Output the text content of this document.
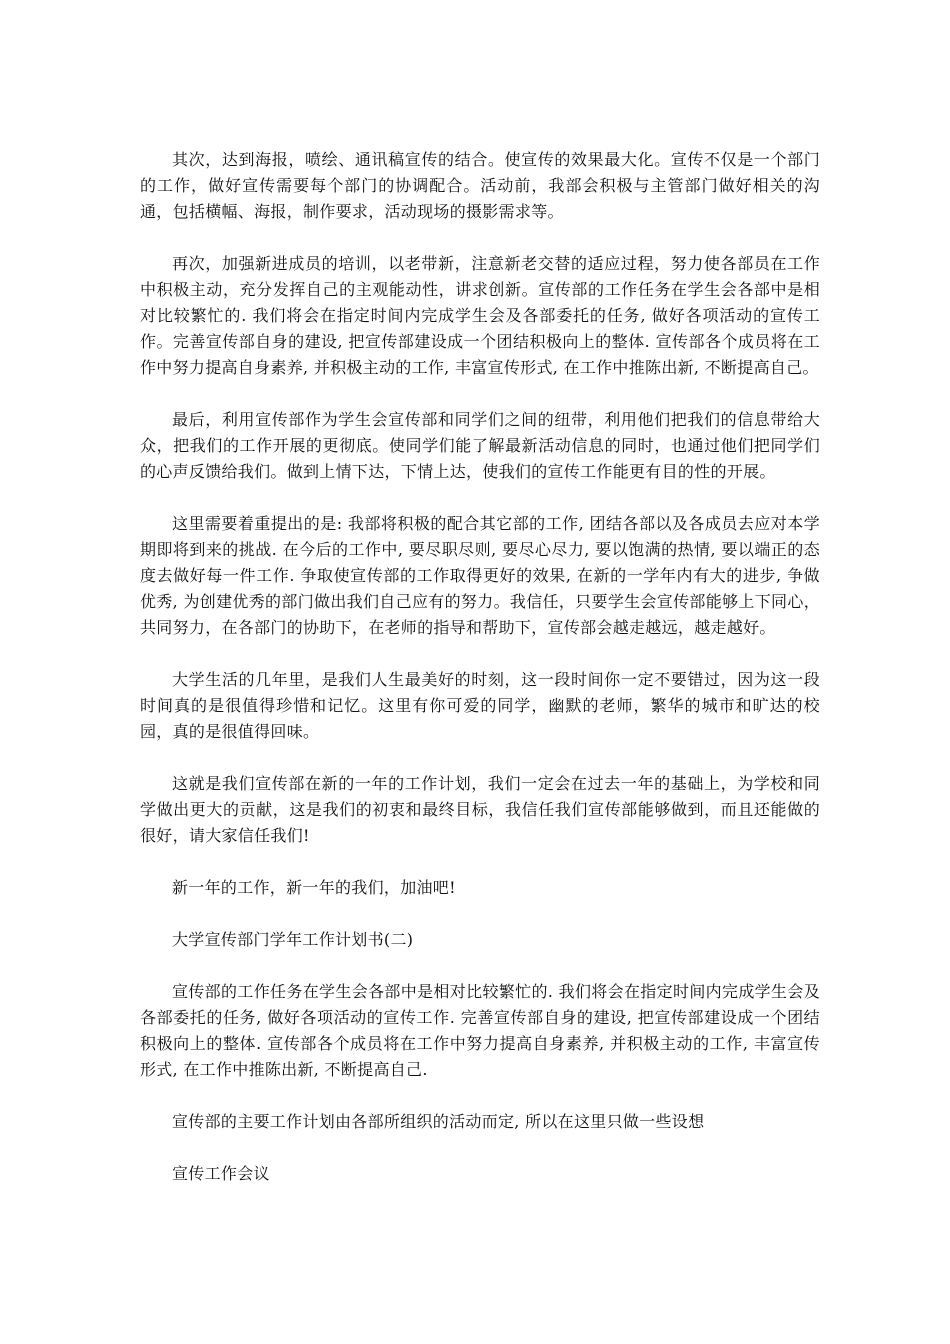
其次，达到海报，喷绘、通讯稿宣传的结合。使宣传的效果最大化。宣传不仅是一个部门的工作，做好宣传需要每个部门的协调配合。活动前，我部会积极与主管部门做好相关的沟通，包括横幅、海报，制作要求，活动现场的摄影需求等。

再次，加强新进成员的培训，以老带新，注意新老交替的适应过程，努力使各部员在工作中积极主动，充分发挥自己的主观能动性，讲求创新。宣传部的工作任务在学生会各部中是相对比较繁忙的. 我们将会在指定时间内完成学生会及各部委托的任务, 做好各项活动的宣传工作。完善宣传部自身的建设, 把宣传部建设成一个团结积极向上的整体. 宣传部各个成员将在工作中努力提高自身素养, 并积极主动的工作, 丰富宣传形式, 在工作中推陈出新, 不断提高自己。

最后，利用宣传部作为学生会宣传部和同学们之间的纽带，利用他们把我们的信息带给大众，把我们的工作开展的更彻底。使同学们能了解最新活动信息的同时，也通过他们把同学们的心声反馈给我们。做到上情下达，下情上达，使我们的宣传工作能更有目的性的开展。

这里需要着重提出的是: 我部将积极的配合其它部的工作, 团结各部以及各成员去应对本学期即将到来的挑战. 在今后的工作中, 要尽职尽则, 要尽心尽力, 要以饱满的热情, 要以端正的态度去做好每一件工作. 争取使宣传部的工作取得更好的效果, 在新的一学年内有大的进步, 争做优秀, 为创建优秀的部门做出我们自己应有的努力。我信任，只要学生会宣传部能够上下同心，共同努力，在各部门的协助下，在老师的指导和帮助下，宣传部会越走越远，越走越好。

大学生活的几年里，是我们人生最美好的时刻，这一段时间你一定不要错过，因为这一段时间真的是很值得珍惜和记忆。这里有你可爱的同学，幽默的老师，繁华的城市和旷达的校园，真的是很值得回味。

这就是我们宣传部在新的一年的工作计划，我们一定会在过去一年的基础上，为学校和同学做出更大的贡献，这是我们的初衷和最终目标，我信任我们宣传部能够做到，而且还能做的很好，请大家信任我们!

新一年的工作，新一年的我们，加油吧!

大学宣传部门学年工作计划书(二)

宣传部的工作任务在学生会各部中是相对比较繁忙的. 我们将会在指定时间内完成学生会及各部委托的任务, 做好各项活动的宣传工作. 完善宣传部自身的建设, 把宣传部建设成一个团结积极向上的整体. 宣传部各个成员将在工作中努力提高自身素养, 并积极主动的工作, 丰富宣传形式, 在工作中推陈出新, 不断提高自己.

宣传部的主要工作计划由各部所组织的活动而定, 所以在这里只做一些设想

宣传工作会议
